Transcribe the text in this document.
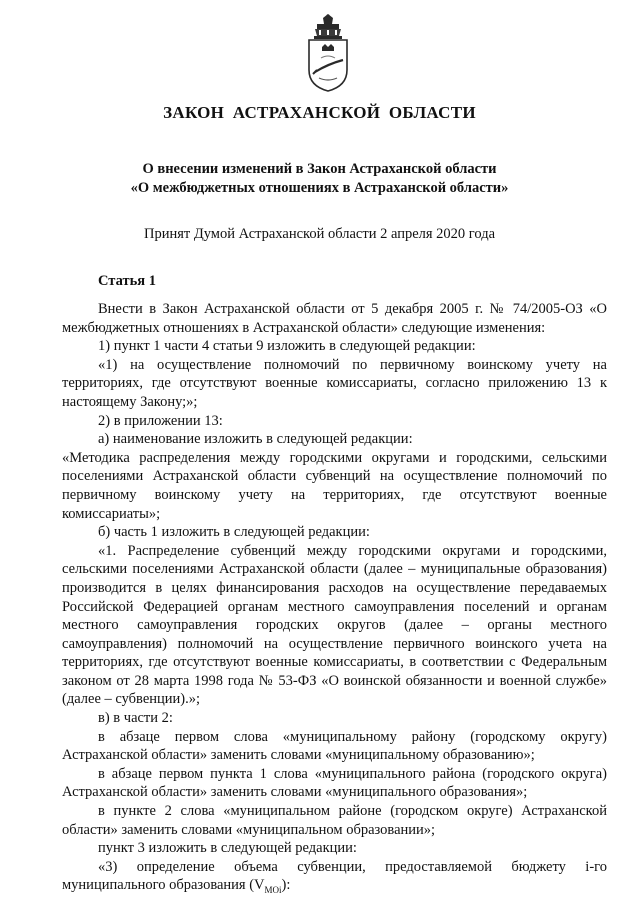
ЗАКОН АСТРАХАНСКОЙ ОБЛАСТИ
О внесении изменений в Закон Астраханской области
«О межбюджетных отношениях в Астраханской области»
Принят Думой Астраханской области 2 апреля 2020 года
Статья 1

Внести в Закон Астраханской области от 5 декабря 2005 г. № 74/2005-ОЗ «О межбюджетных отношениях в Астраханской области» следующие изменения:

1) пункт 1 части 4 статьи 9 изложить в следующей редакции:

«1) на осуществление полномочий по первичному воинскому учету на территориях, где отсутствуют военные комиссариаты, согласно приложению 13 к настоящему Закону;»;

2) в приложении 13:

а) наименование изложить в следующей редакции:

«Методика распределения между городскими округами и городскими, сельскими поселениями Астраханской области субвенций на осуществление полномочий по первичному воинскому учету на территориях, где отсутствуют военные комиссариаты»;

б) часть 1 изложить в следующей редакции:

«1. Распределение субвенций между городскими округами и городскими, сельскими поселениями Астраханской области (далее – муниципальные образования) производится в целях финансирования расходов на осуществление передаваемых Российской Федерацией органам местного самоуправления поселений и органам местного самоуправления городских округов (далее – органы местного самоуправления) полномочий на осуществление первичного воинского учета на территориях, где отсутствуют военные комиссариаты, в соответствии с Федеральным законом от 28 марта 1998 года № 53-ФЗ «О воинской обязанности и военной службе» (далее – субвенции).»;

в) в части 2:

в абзаце первом слова «муниципальному району (городскому округу) Астраханской области» заменить словами «муниципальному образованию»;

в абзаце первом пункта 1 слова «муниципального района (городского округа) Астраханской области» заменить словами «муниципального образования»;

в пункте 2 слова «муниципальном районе (городском округе) Астраханской области» заменить словами «муниципальном образовании»;

пункт 3 изложить в следующей редакции:

«3) определение объема субвенции, предоставляемой бюджету i-го муниципального образования $(V_{MOi})$:
